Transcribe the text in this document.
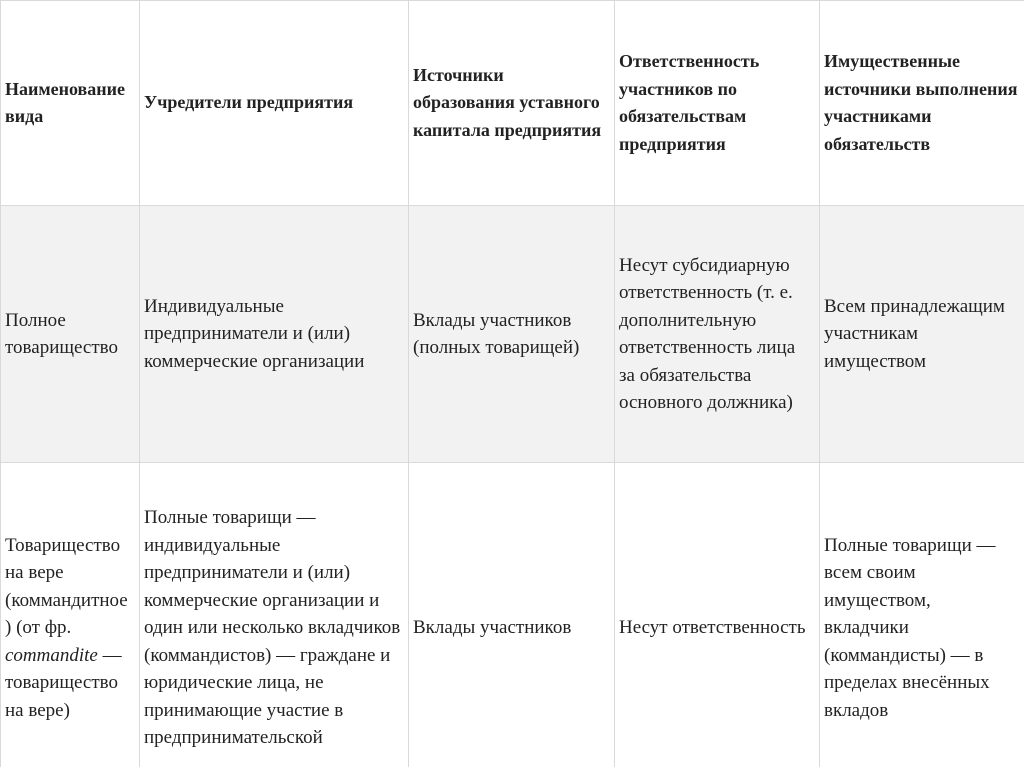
Наименование вида	Учредители предприятия	Источники образования уставного капитала предприятия	Ответственность участников по обязательствам предприятия	Имущественные источники выполнения участниками обязательств
Полное товарищество	Индивидуальные предприниматели и (или) коммерческие организации	Вклады участников (полных товарищей)	Несут субсидиарную ответственность (т. е. дополнительную ответственность лица за обязательства основного должника)	Всем принадлежащим участникам имуществом
Товарищество на вере (коммандитное) (от фр. commandite — товарищество на вере)	Полные товарищи — индивидуальные предприниматели и (или) коммерческие организации и один или несколько вкладчиков (коммандистов) — граждане и юридические лица, не принимающие участие в предпринимательской	Вклады участников	Несут ответственность	Полные товарищи — всем своим имуществом, вкладчики (коммандисты) — в пределах внесённых вкладов
